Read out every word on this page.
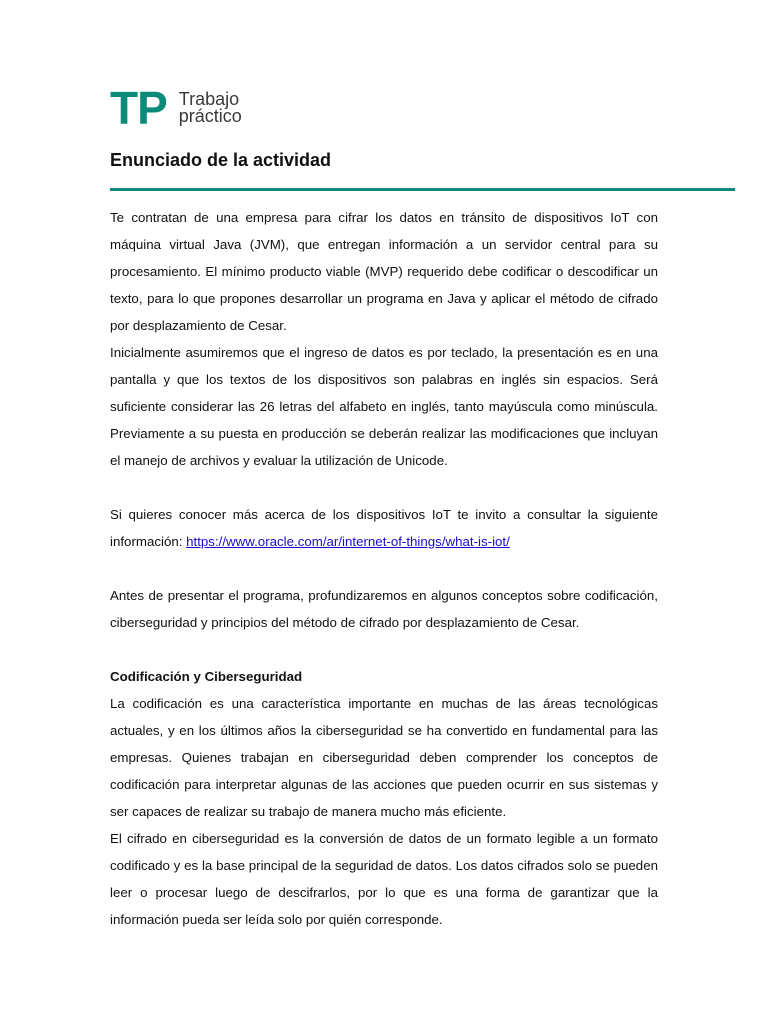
TP Trabajo
práctico
Enunciado de la actividad

Te contratan de una empresa para cifrar los datos en tránsito de dispositivos IoT con máquina virtual Java (JVM), que entregan información a un servidor central para su procesamiento. El mínimo producto viable (MVP) requerido debe codificar o descodificar un texto, para lo que propones desarrollar un programa en Java y aplicar el método de cifrado por desplazamiento de Cesar.

Inicialmente asumiremos que el ingreso de datos es por teclado, la presentación es en una pantalla y que los textos de los dispositivos son palabras en inglés sin espacios. Será suficiente considerar las 26 letras del alfabeto en inglés, tanto mayúscula como minúscula. Previamente a su puesta en producción se deberán realizar las modificaciones que incluyan el manejo de archivos y evaluar la utilización de Unicode.

Si quieres conocer más acerca de los dispositivos IoT te invito a consultar la siguiente información: https://www.oracle.com/ar/internet-of-things/what-is-iot/

Antes de presentar el programa, profundizaremos en algunos conceptos sobre codificación, ciberseguridad y principios del método de cifrado por desplazamiento de Cesar.

Codificación y Ciberseguridad

La codificación es una característica importante en muchas de las áreas tecnológicas actuales, y en los últimos años la ciberseguridad se ha convertido en fundamental para las empresas. Quienes trabajan en ciberseguridad deben comprender los conceptos de codificación para interpretar algunas de las acciones que pueden ocurrir en sus sistemas y ser capaces de realizar su trabajo de manera mucho más eficiente.

El cifrado en ciberseguridad es la conversión de datos de un formato legible a un formato codificado y es la base principal de la seguridad de datos. Los datos cifrados solo se pueden leer o procesar luego de descifrarlos, por lo que es una forma de garantizar que la información pueda ser leída solo por quién corresponde.
